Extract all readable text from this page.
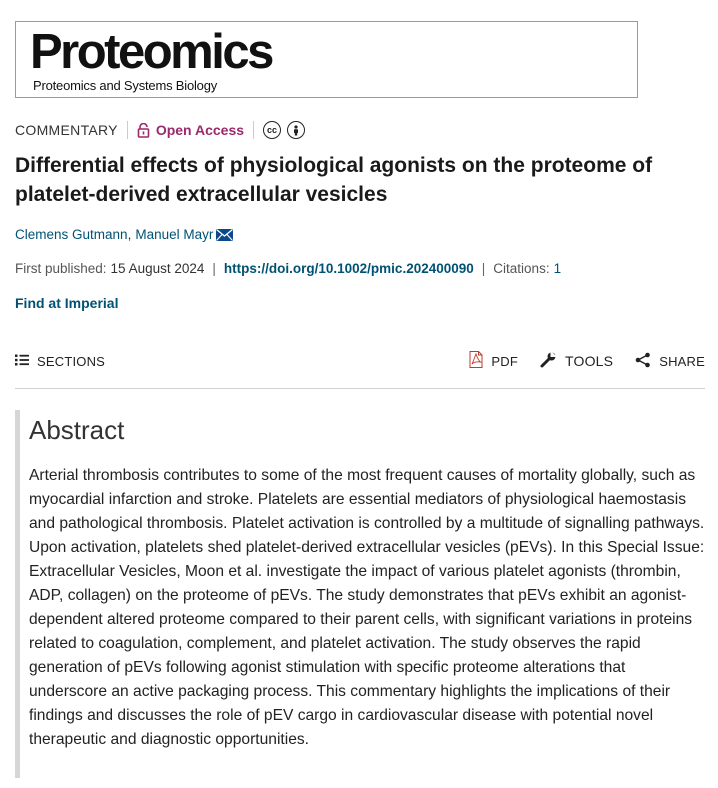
Proteomics
Proteomics and Systems Biology
COMMENTARY	Open Access	cc
Differential effects of physiological agonists on the proteome of platelet-derived extracellular vesicles
Clemens Gutmann , Manuel Mayr
First published: 15 August 2024 | https://doi.org/10.1002/pmic.202400090 | Citations: 1
Find at Imperial
SECTIONS	PDF	TOOLS	SHARE
Abstract

Arterial thrombosis contributes to some of the most frequent causes of mortality globally, such as myocardial infarction and stroke. Platelets are essential mediators of physiological haemostasis and pathological thrombosis. Platelet activation is controlled by a multitude of signalling pathways. Upon activation, platelets shed platelet-derived extracellular vesicles (pEVs). In this Special Issue: Extracellular Vesicles, Moon et al. investigate the impact of various platelet agonists (thrombin, ADP, collagen) on the proteome of pEVs. The study demonstrates that pEVs exhibit an agonist-dependent altered proteome compared to their parent cells, with significant variations in proteins related to coagulation, complement, and platelet activation. The study observes the rapid generation of pEVs following agonist stimulation with specific proteome alterations that underscore an active packaging process. This commentary highlights the implications of their findings and discusses the role of pEV cargo in cardiovascular disease with potential novel therapeutic and diagnostic opportunities.
